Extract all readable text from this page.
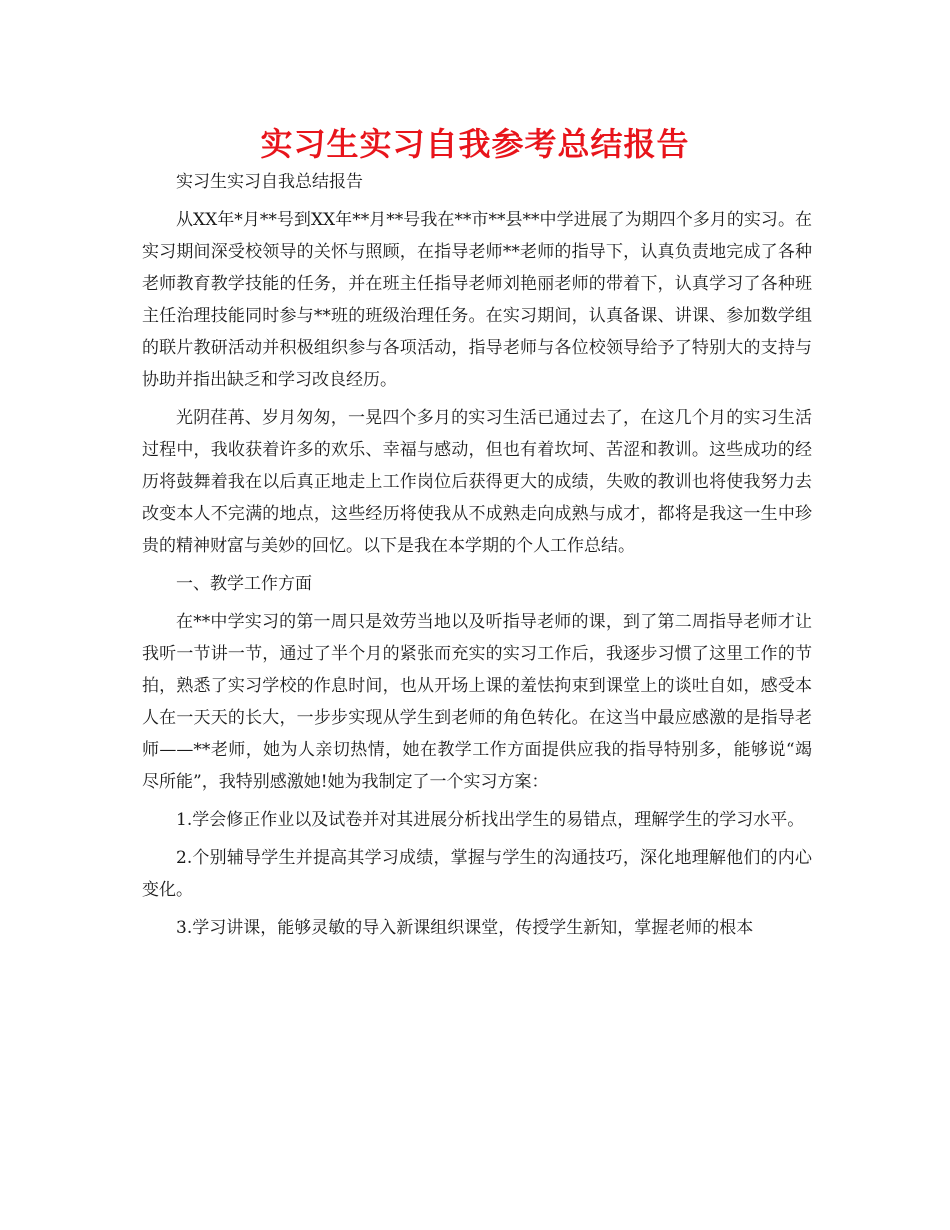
实习生实习自我参考总结报告

实习生实习自我总结报告

从XX年*月**号到XX年**月**号我在**市**县**中学进展了为期四个多月的实习。在实习期间深受校领导的关怀与照顾，在指导老师**老师的指导下，认真负责地完成了各种老师教育教学技能的任务，并在班主任指导老师刘艳丽老师的带着下，认真学习了各种班主任治理技能同时参与**班的班级治理任务。在实习期间，认真备课、讲课、参加数学组的联片教研活动并积极组织参与各项活动，指导老师与各位校领导给予了特别大的支持与协助并指出缺乏和学习改良经历。

光阴荏苒、岁月匆匆，一晃四个多月的实习生活已通过去了，在这几个月的实习生活过程中，我收获着许多的欢乐、幸福与感动，但也有着坎坷、苦涩和教训。这些成功的经历将鼓舞着我在以后真正地走上工作岗位后获得更大的成绩，失败的教训也将使我努力去改变本人不完满的地点，这些经历将使我从不成熟走向成熟与成才，都将是我这一生中珍贵的精神财富与美妙的回忆。以下是我在本学期的个人工作总结。

一、教学工作方面

在**中学实习的第一周只是效劳当地以及听指导老师的课，到了第二周指导老师才让我听一节讲一节，通过了半个月的紧张而充实的实习工作后，我逐步习惯了这里工作的节拍，熟悉了实习学校的作息时间，也从开场上课的羞怯拘束到课堂上的谈吐自如，感受本人在一天天的长大，一步步实现从学生到老师的角色转化。在这当中最应感激的是指导老师——**老师，她为人亲切热情，她在教学工作方面提供应我的指导特别多，能够说“竭尽所能”，我特别感激她!她为我制定了一个实习方案：

1.学会修正作业以及试卷并对其进展分析找出学生的易错点，理解学生的学习水平。

2.个别辅导学生并提高其学习成绩，掌握与学生的沟通技巧，深化地理解他们的内心变化。

3.学习讲课，能够灵敏的导入新课组织课堂，传授学生新知，掌握老师的根本
